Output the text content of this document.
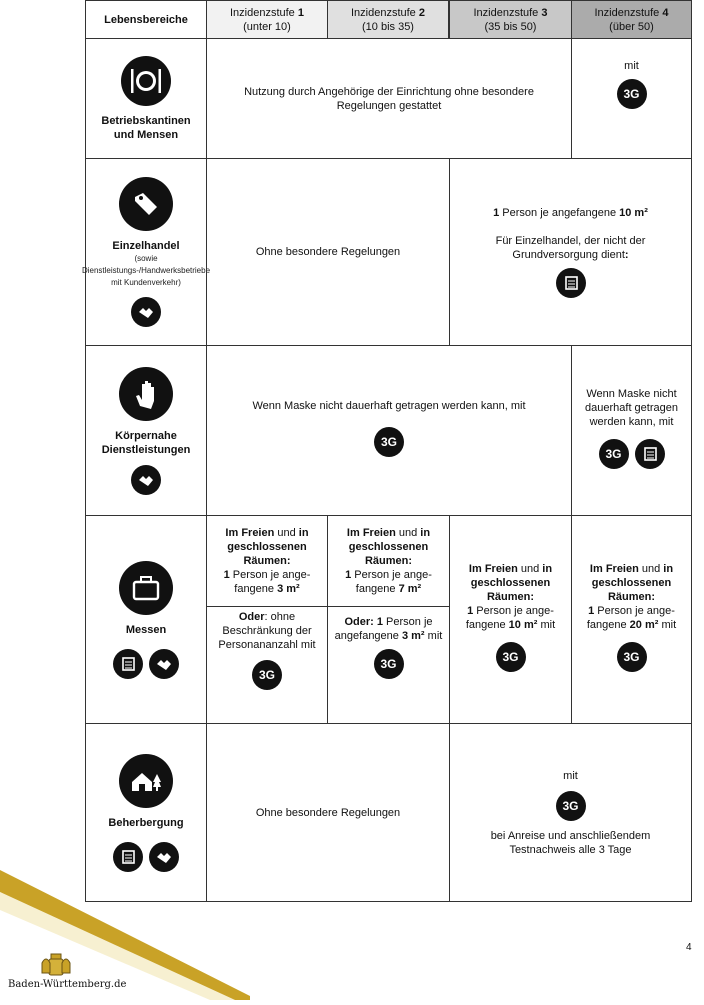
Baden-Württemberg.de
4
Lebensbereiche
Inzidenzstufe 1
(unter 10)
Inzidenzstufe 2
(10 bis 35)
Inzidenzstufe 3
(35 bis 50)
Inzidenzstufe 4
(über 50)
Betriebskantinen und Mensen
Nutzung durch Angehörige der Einrichtung ohne besondere Regelungen gestattet
mit
3G
Einzelhandel
(sowie Dienstleistungs-/Handwerksbetriebe mit Kundenverkehr)
Ohne besondere Regelungen
1 Person je angefangene 10 m²
Für Einzelhandel, der nicht der Grundversorgung dient:
Körpernahe Dienstleistungen
Wenn Maske nicht dauerhaft getragen werden kann, mit
3G
Wenn Maske nicht dauerhaft getragen werden kann, mit
3G
Messen
Im Freien und in geschlossenen Räumen:
1 Person je ange-fangene 3 m²
Oder: ohne Beschränkung der Personananzahl mit
3G
Im Freien und in geschlossenen Räumen:
1 Person je ange-fangene 7 m²
Oder: 1 Person je angefangene 3 m² mit
3G
Im Freien und in geschlossenen Räumen:
1 Person je ange-fangene 10 m² mit
3G
Im Freien und in geschlossenen Räumen:
1 Person je ange-fangene 20 m² mit
3G
Beherbergung
Ohne besondere Regelungen
mit
3G
bei Anreise und anschließendem Testnachweis alle 3 Tage
